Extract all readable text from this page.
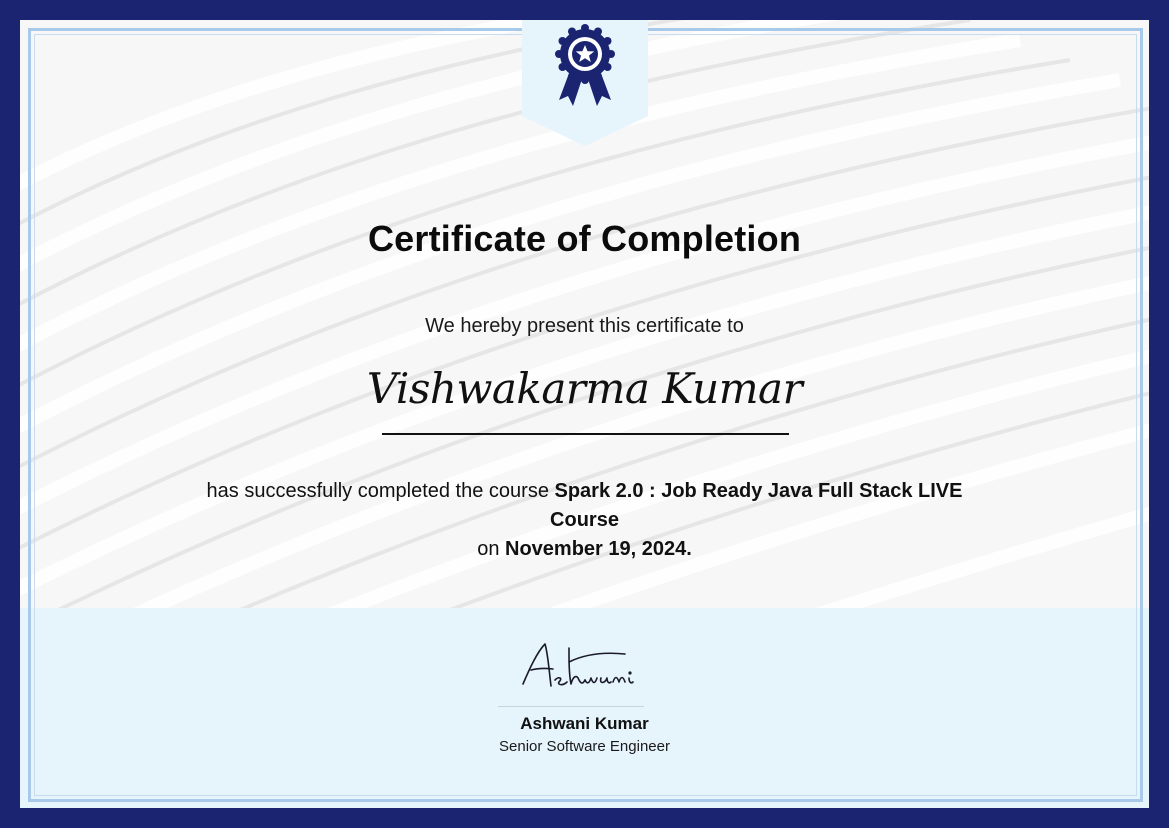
Certificate of Completion
We hereby present this certificate to
Vishwakarma Kumar
has successfully completed the course Spark 2.0 : Job Ready Java Full Stack LIVE Course
on November 19, 2024.
Ashwani Kumar
Senior Software Engineer
